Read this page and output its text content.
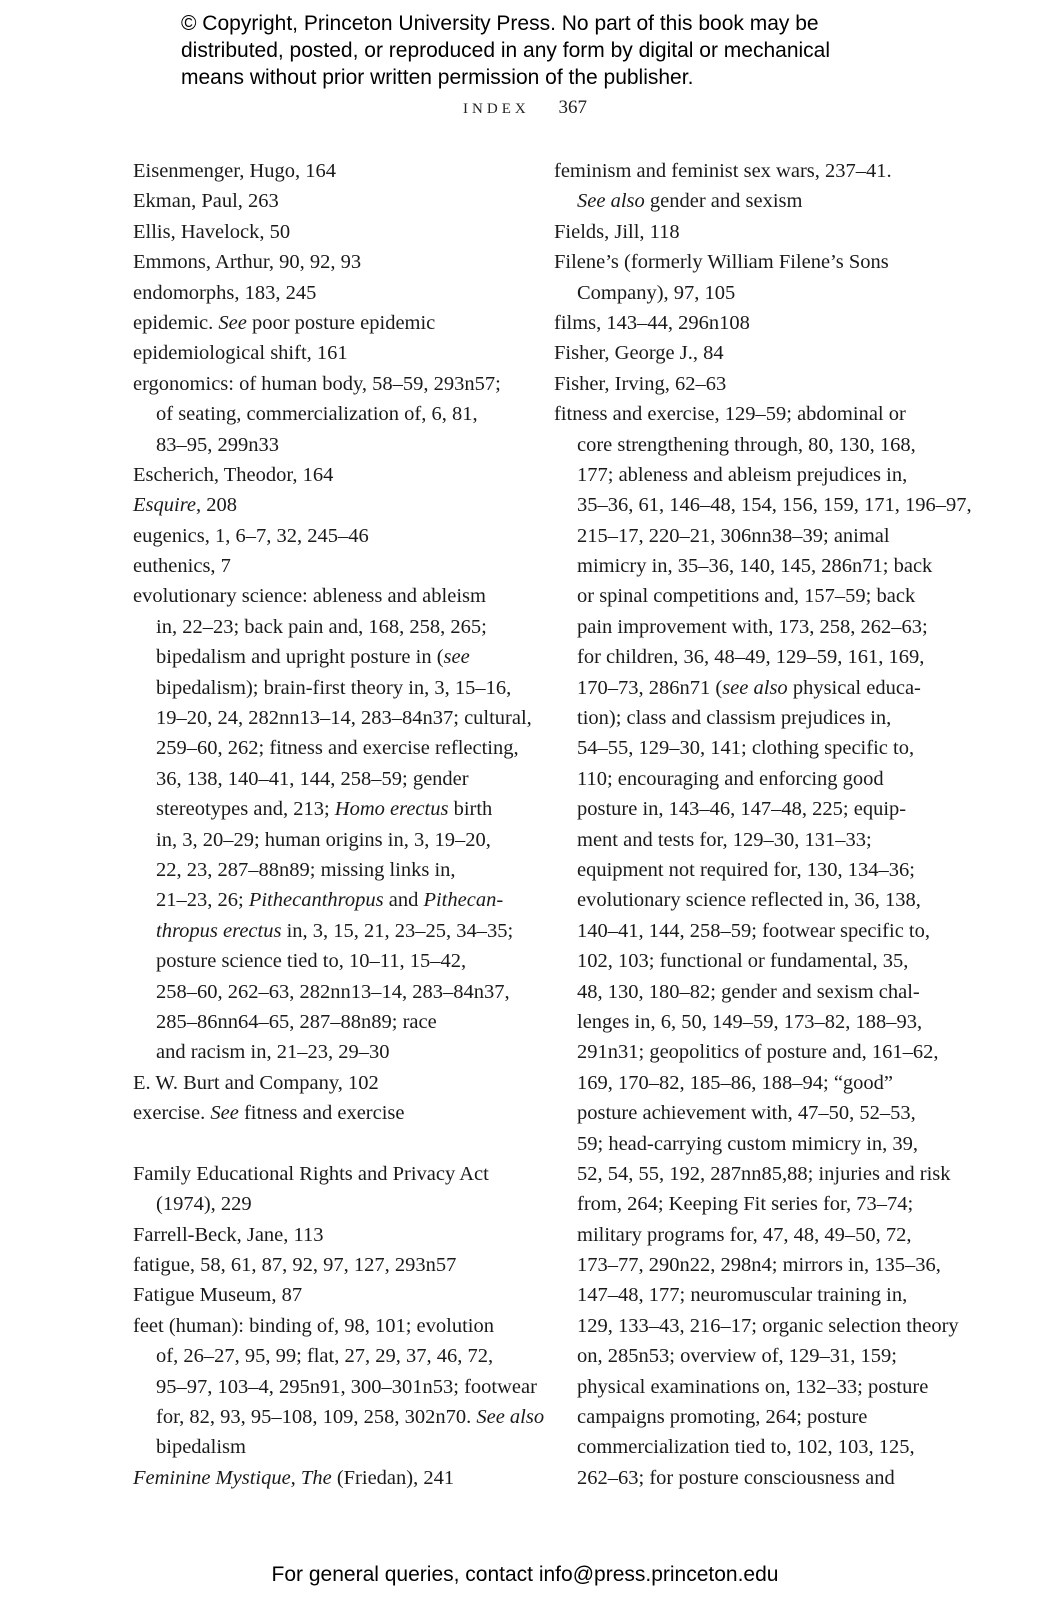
© Copyright, Princeton University Press. No part of this book may be
distributed, posted, or reproduced in any form by digital or mechanical
means without prior written permission of the publisher.
INDEX 367
Eisenmenger, Hugo, 164
Ekman, Paul, 263
Ellis, Havelock, 50
Emmons, Arthur, 90, 92, 93
endomorphs, 183, 245
epidemic. See poor posture epidemic
epidemiological shift, 161
ergonomics: of human body, 58–59, 293n57;
of seating, commercialization of, 6, 81,
83–95, 299n33
Escherich, Theodor, 164
Esquire, 208
eugenics, 1, 6–7, 32, 245–46
euthenics, 7
evolutionary science: ableness and ableism
in, 22–23; back pain and, 168, 258, 265;
bipedalism and upright posture in (see
bipedalism); brain-first theory in, 3, 15–16,
19–20, 24, 282nn13–14, 283–84n37; cultural,
259–60, 262; fitness and exercise reflecting,
36, 138, 140–41, 144, 258–59; gender
stereotypes and, 213; Homo erectus birth
in, 3, 20–29; human origins in, 3, 19–20,
22, 23, 287–88n89; missing links in,
21–23, 26; Pithecanthropus and Pithecan-
thropus erectus in, 3, 15, 21, 23–25, 34–35;
posture science tied to, 10–11, 15–42,
258–60, 262–63, 282nn13–14, 283–84n37,
285–86nn64–65, 287–88n89; race
and racism in, 21–23, 29–30
E. W. Burt and Company, 102
exercise. See fitness and exercise
Family Educational Rights and Privacy Act
(1974), 229
Farrell-Beck, Jane, 113
fatigue, 58, 61, 87, 92, 97, 127, 293n57
Fatigue Museum, 87
feet (human): binding of, 98, 101; evolution
of, 26–27, 95, 99; flat, 27, 29, 37, 46, 72,
95–97, 103–4, 295n91, 300–301n53; footwear
for, 82, 93, 95–108, 109, 258, 302n70. See also
bipedalism
Feminine Mystique, The (Friedan), 241
feminism and feminist sex wars, 237–41.
See also gender and sexism
Fields, Jill, 118
Filene’s (formerly William Filene’s Sons
Company), 97, 105
films, 143–44, 296n108
Fisher, George J., 84
Fisher, Irving, 62–63
fitness and exercise, 129–59; abdominal or
core strengthening through, 80, 130, 168,
177; ableness and ableism prejudices in,
35–36, 61, 146–48, 154, 156, 159, 171, 196–97,
215–17, 220–21, 306nn38–39; animal
mimicry in, 35–36, 140, 145, 286n71; back
or spinal competitions and, 157–59; back
pain improvement with, 173, 258, 262–63;
for children, 36, 48–49, 129–59, 161, 169,
170–73, 286n71 (see also physical educa-
tion); class and classism prejudices in,
54–55, 129–30, 141; clothing specific to,
110; encouraging and enforcing good
posture in, 143–46, 147–48, 225; equip-
ment and tests for, 129–30, 131–33;
equipment not required for, 130, 134–36;
evolutionary science reflected in, 36, 138,
140–41, 144, 258–59; footwear specific to,
102, 103; functional or fundamental, 35,
48, 130, 180–82; gender and sexism chal-
lenges in, 6, 50, 149–59, 173–82, 188–93,
291n31; geopolitics of posture and, 161–62,
169, 170–82, 185–86, 188–94; “good”
posture achievement with, 47–50, 52–53,
59; head-carrying custom mimicry in, 39,
52, 54, 55, 192, 287nn85,88; injuries and risk
from, 264; Keeping Fit series for, 73–74;
military programs for, 47, 48, 49–50, 72,
173–77, 290n22, 298n4; mirrors in, 135–36,
147–48, 177; neuromuscular training in,
129, 133–43, 216–17; organic selection theory
on, 285n53; overview of, 129–31, 159;
physical examinations on, 132–33; posture
campaigns promoting, 264; posture
commercialization tied to, 102, 103, 125,
262–63; for posture consciousness and
For general queries, contact info@press.princeton.edu
